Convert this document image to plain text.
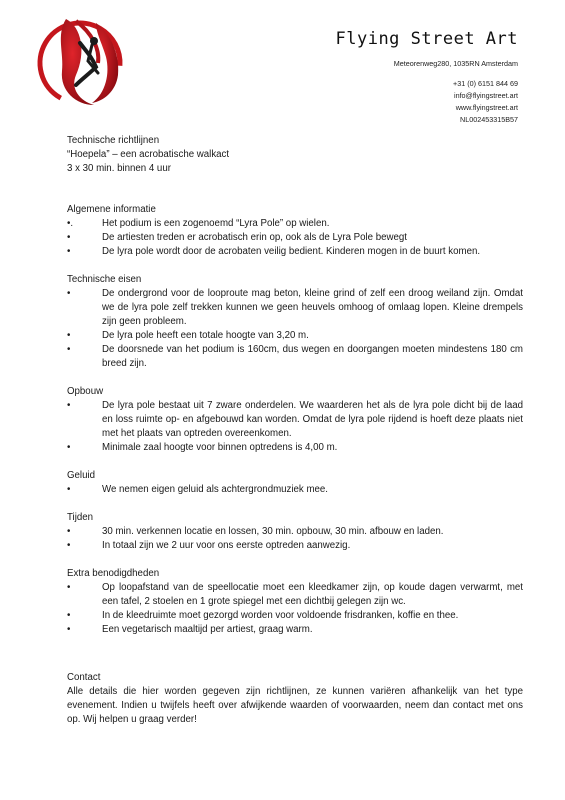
Flying Street Art
Meteorenweg280, 1035RN Amsterdam
+31 (0) 6151 844 69
info@flyingstreet.art
www.flyingstreet.art
NL002453315B57
Technische richtlijnen
“Hoepela” – een acrobatische walkact
3 x 30 min. binnen 4 uur
Algemene informatie
•.	Het podium is een zogenoemd “Lyra Pole” op wielen.
•	De artiesten treden er acrobatisch erin op, ook als de Lyra Pole bewegt
•	De lyra pole wordt door de acrobaten veilig bedient. Kinderen mogen in de buurt komen.
Technische eisen
•	De ondergrond voor de looproute mag beton, kleine grind of zelf een droog weiland zijn. Omdat we de lyra pole zelf trekken kunnen we geen heuvels omhoog of omlaag lopen. Kleine drempels zijn geen probleem.
•	De lyra pole heeft een totale hoogte van 3,20 m.
•	De doorsnede van het podium is 160cm, dus wegen en doorgangen moeten mindestens 180 cm breed zijn.
Opbouw
•	De lyra pole bestaat uit 7 zware onderdelen. We waarderen het als de lyra pole dicht bij de laad en loss ruimte op- en afgebouwd kan worden. Omdat de lyra pole rijdend is hoeft deze plaats niet met het plaats van optreden overeenkomen.
•	Minimale zaal hoogte voor binnen optredens is 4,00 m.
Geluid
•	We nemen eigen geluid als achtergrondmuziek mee.
Tijden
•	30 min. verkennen locatie en lossen, 30 min. opbouw, 30 min. afbouw en laden.
•	In totaal zijn we 2 uur voor ons eerste optreden aanwezig.
Extra benodigdheden
•	Op loopafstand van de speellocatie moet een kleedkamer zijn, op koude dagen verwarmt, met een tafel, 2 stoelen en 1 grote spiegel met een dichtbij gelegen zijn wc.
•	In de kleedruimte moet gezorgd worden voor voldoende frisdranken, koffie en thee.
•	Een vegetarisch maaltijd per artiest, graag warm.
Contact

Alle details die hier worden gegeven zijn richtlijnen, ze kunnen variëren afhankelijk van het type evenement. Indien u twijfels heeft over afwijkende waarden of voorwaarden, neem dan contact met ons op. Wij helpen u graag verder!
